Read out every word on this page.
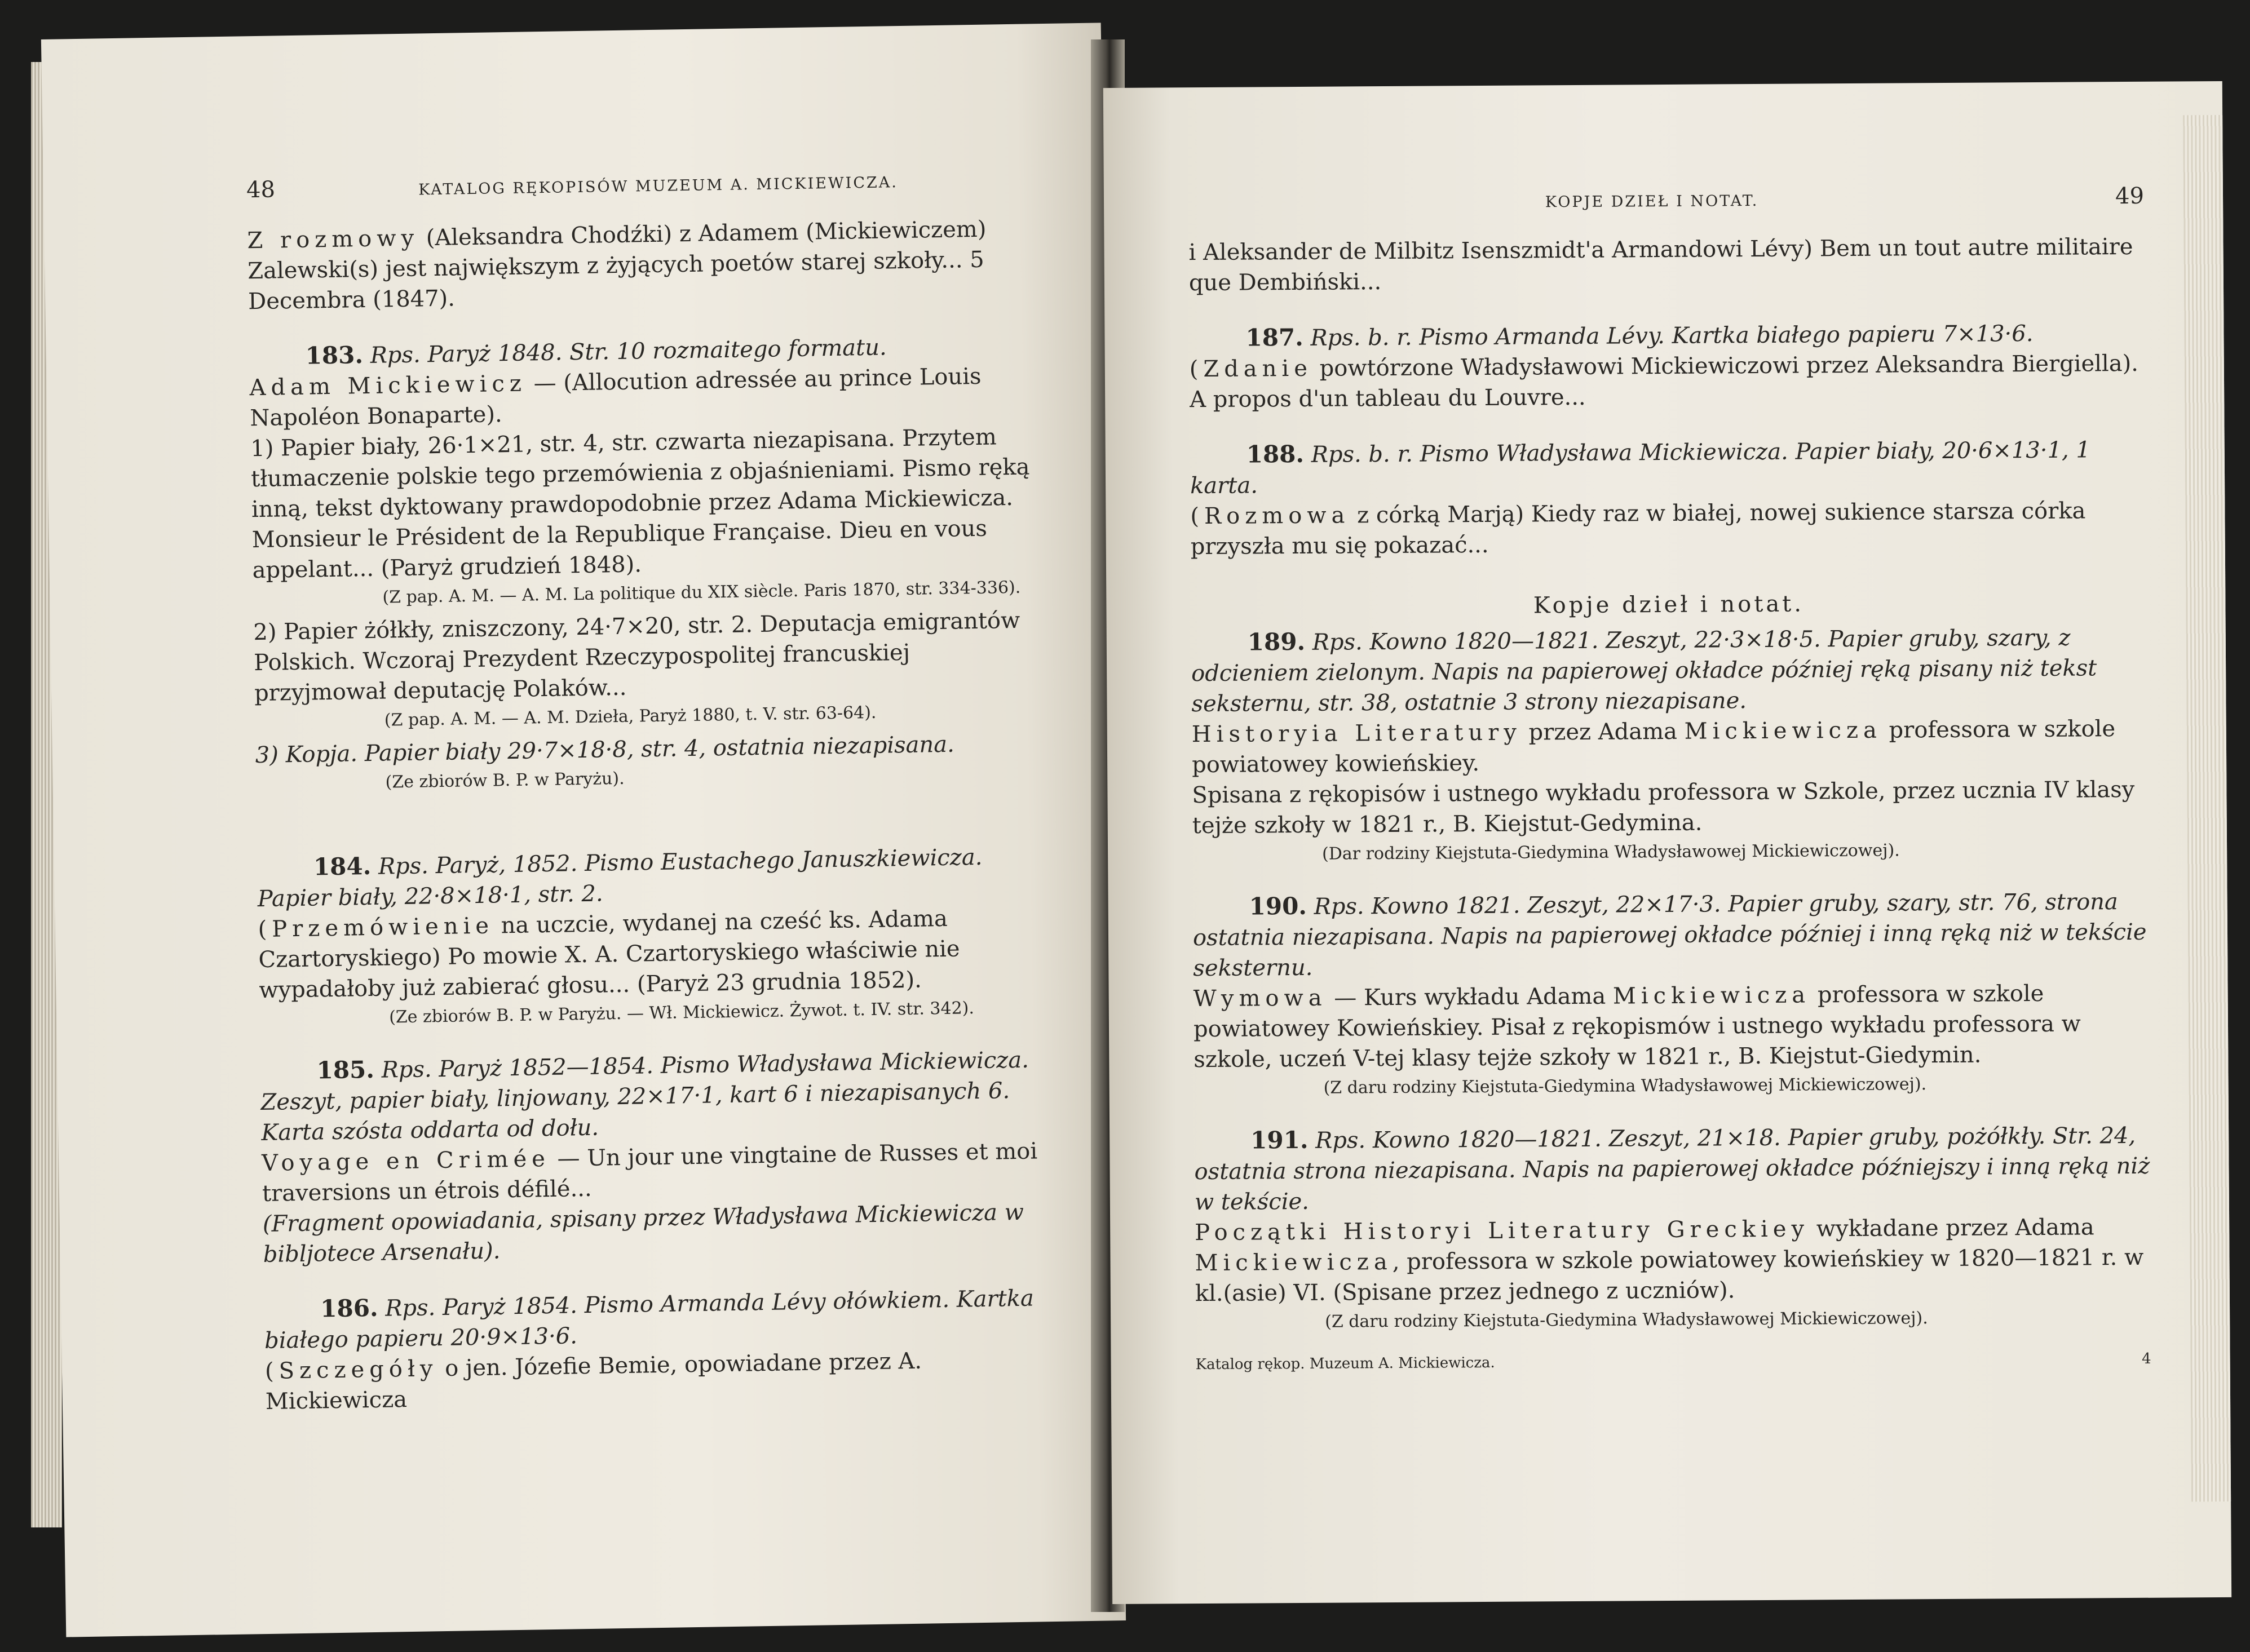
48	KATALOG RĘKOPISÓW MUZEUM A. MICKIEWICZA.

Z rozmowy (Aleksandra Chodźki) z Adamem (Mickiewiczem) Zalewski(s) jest największym z żyjących poetów starej szkoły... 5 Decembra (1847).

183. Rps. Paryż 1848. Str. 10 rozmaitego formatu.

Adam Mickiewicz — (Allocution adressée au prince Louis Napoléon Bonaparte).

1) Papier biały, 26·1×21, str. 4, str. czwarta niezapisana. Przytem tłumaczenie polskie tego przemówienia z objaśnieniami. Pismo ręką inną, tekst dyktowany prawdopodobnie przez Adama Mickiewicza. Monsieur le Président de la Republique Française. Dieu en vous appelant... (Paryż grudzień 1848).

(Z pap. A. M. — A. M. La politique du XIX siècle. Paris 1870, str. 334-336).

2) Papier żółkły, zniszczony, 24·7×20, str. 2. Deputacja emigrantów Polskich. Wczoraj Prezydent Rzeczypospolitej francuskiej przyjmował deputację Polaków...

(Z pap. A. M. — A. M. Dzieła, Paryż 1880, t. V. str. 63-64).

3) Kopja. Papier biały 29·7×18·8, str. 4, ostatnia niezapisana.

(Ze zbiorów B. P. w Paryżu).

184. Rps. Paryż, 1852. Pismo Eustachego Januszkiewicza. Papier biały, 22·8×18·1, str. 2.

(Przemówienie na uczcie, wydanej na cześć ks. Adama Czartoryskiego) Po mowie X. A. Czartoryskiego właściwie nie wypadałoby już zabierać głosu... (Paryż 23 grudnia 1852).

(Ze zbiorów B. P. w Paryżu. — Wł. Mickiewicz. Żywot. t. IV. str. 342).

185. Rps. Paryż 1852—1854. Pismo Władysława Mickiewicza. Zeszyt, papier biały, linjowany, 22×17·1, kart 6 i niezapisanych 6. Karta szósta oddarta od dołu.

Voyage en Crimée — Un jour une vingtaine de Russes et moi traversions un étrois défilé...

(Fragment opowiadania, spisany przez Władysława Mickiewicza w bibljotece Arsenału).

186. Rps. Paryż 1854. Pismo Armanda Lévy ołówkiem. Kartka białego papieru 20·9×13·6.

(Szczegóły o jen. Józefie Bemie, opowiadane przez A. Mickiewicza

KOPJE DZIEŁ I NOTAT.	49

i Aleksander de Milbitz Isenszmidt'a Armandowi Lévy) Bem un tout autre militaire que Dembiński...

187. Rps. b. r. Pismo Armanda Lévy. Kartka białego papieru 7×13·6.

(Zdanie powtórzone Władysławowi Mickiewiczowi przez Aleksandra Biergiella). A propos d'un tableau du Louvre...

188. Rps. b. r. Pismo Władysława Mickiewicza. Papier biały, 20·6×13·1, 1 karta.

(Rozmowa z córką Marją) Kiedy raz w białej, nowej sukience starsza córka przyszła mu się pokazać...

Kopje dzieł i notat.

189. Rps. Kowno 1820—1821. Zeszyt, 22·3×18·5. Papier gruby, szary, z odcieniem zielonym. Napis na papierowej okładce później ręką pisany niż tekst seksternu, str. 38, ostatnie 3 strony niezapisane.

Historyia Literatury przez Adama Mickiewicza professora w szkole powiatowey kowieńskiey.

Spisana z rękopisów i ustnego wykładu professora w Szkole, przez ucznia IV klasy tejże szkoły w 1821 r., B. Kiejstut-Gedymina.

(Dar rodziny Kiejstuta-Giedymina Władysławowej Mickiewiczowej).

190. Rps. Kowno 1821. Zeszyt, 22×17·3. Papier gruby, szary, str. 76, strona ostatnia niezapisana. Napis na papierowej okładce później i inną ręką niż w tekście seksternu.

Wymowa — Kurs wykładu Adama Mickiewicza professora w szkole powiatowey Kowieńskiey. Pisał z rękopismów i ustnego wykładu professora w szkole, uczeń V-tej klasy tejże szkoły w 1821 r., B. Kiejstut-Giedymin.

(Z daru rodziny Kiejstuta-Giedymina Władysławowej Mickiewiczowej).

191. Rps. Kowno 1820—1821. Zeszyt, 21×18. Papier gruby, pożółkły. Str. 24, ostatnia strona niezapisana. Napis na papierowej okładce późniejszy i inną ręką niż w tekście.

Początki Historyi Literatury Greckiey wykładane przez Adama Mickiewicza, professora w szkole powiatowey kowieńskiey w 1820—1821 r. w kl.(asie) VI. (Spisane przez jednego z uczniów).

(Z daru rodziny Kiejstuta-Giedymina Władysławowej Mickiewiczowej).

Katalog rękop. Muzeum A. Mickiewicza.	4
